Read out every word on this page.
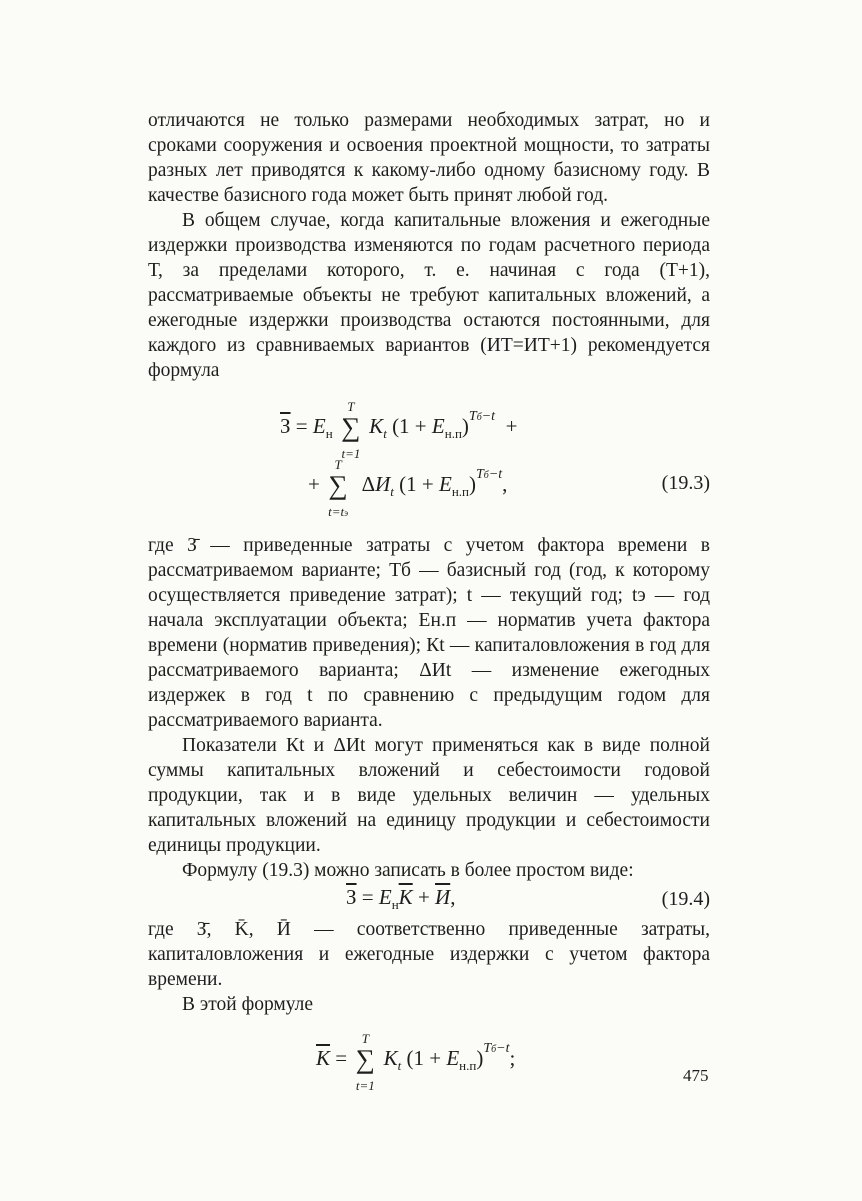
отличаются не только размерами необходимых затрат, но и сроками сооружения и освоения проектной мощности, то затраты разных лет приводятся к какому-либо одному базисному году. В качестве базисного года может быть принят любой год.

В общем случае, когда капитальные вложения и ежегодные издержки производства изменяются по годам расчетного периода Т, за пределами которого, т. е. начиная с года (Т+1), рассматриваемые объекты не требуют капитальных вложений, а ежегодные издержки производства остаются постоянными, для каждого из сравниваемых вариантов (ИТ=ИТ+1) рекомендуется формула

$З = E_н$
T
∑
t=1
$K_t$ $(1 + E_{н.п})^{Tб-t}$  +
+
T
∑
t=tэ
$\Delta И_t$ $(1 + E_{н.п})^{Tб-t}$,	(19.3)

где З̄ — приведенные затраты с учетом фактора времени в рассматриваемом варианте; Тб — базисный год (год, к которому осуществляется приведение затрат); t — текущий год; tэ — год начала эксплуатации объекта; Ен.п — норматив учета фактора времени (норматив приведения); Кt — капиталовложения в год для рассматриваемого варианта; ΔИt — изменение ежегодных издержек в год t по сравнению с предыдущим годом для рассматриваемого варианта.

Показатели Кt и ΔИt могут применяться как в виде полной суммы капитальных вложений и себестоимости годовой продукции, так и в виде удельных величин — удельных капитальных вложений на единицу продукции и себестоимости единицы продукции.

Формулу (19.3) можно записать в более простом виде:

$З = E_н\overline{K} + И$,	(19.4)

где З̄, K̄, Ӣ — соответственно приведенные затраты, капиталовложения и ежегодные издержки с учетом фактора времени.

В этой формуле

$\overline{K}$ =
T
∑
t=1
$K_t$ $(1 + E_{н.п})^{Tб-t}$;
475
